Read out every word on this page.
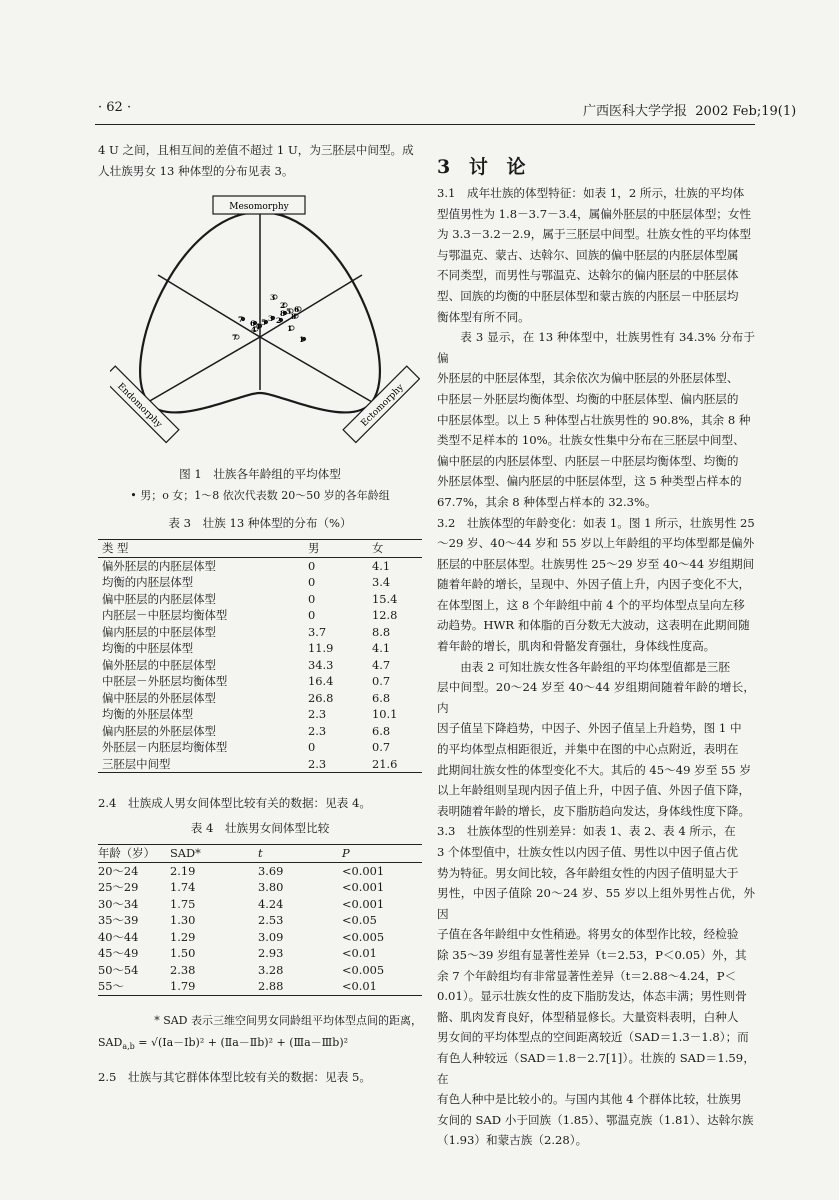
· 62 ·	广西医科大学学报 2002 Feb;19(1)

4 U 之间，且相互间的差值不超过 1 U，为三胚层中间型。成

人壮族男女 13 种体型的分布见表 3。

Mesomorphy
Endomorphy	Ectomorphy
7 6 4 5 3 2
8
1
3
2
5
8
6
1
4
7
图 1　壮族各年龄组的平均体型
• 男；o 女；1～8 依次代表数 20～50 岁的各年龄组
表 3　壮族 13 种体型的分布（%）
类 型	男	女
偏外胚层的内胚层体型	0	4.1
均衡的内胚层体型	0	3.4
偏中胚层的内胚层体型	0	15.4
内胚层－中胚层均衡体型	0	12.8
偏内胚层的中胚层体型	3.7	8.8
均衡的中胚层体型	11.9	4.1
偏外胚层的中胚层体型	34.3	4.7
中胚层－外胚层均衡体型	16.4	0.7
偏中胚层的外胚层体型	26.8	6.8
均衡的外胚层体型	2.3	10.1
偏内胚层的外胚层体型	2.3	6.8
外胚层－内胚层均衡体型	0	0.7
三胚层中间型	2.3	21.6
2.4　壮族成人男女间体型比较有关的数据：见表 4。
表 4　壮族男女间体型比较
年龄（岁）	SAD*	t	P
20～24	2.19	3.69	<0.001
25～29	1.74	3.80	<0.001
30～34	1.75	4.24	<0.001
35～39	1.30	2.53	<0.05
40～44	1.29	3.09	<0.005
45～49	1.50	2.93	<0.01
50～54	2.38	3.28	<0.005
55～	1.79	2.88	<0.01
* SAD 表示三维空间男女同龄组平均体型点间的距离，
$SAD_{a,b}$ = √(Ⅰa－Ⅰb)² + (Ⅱa－Ⅱb)² + (Ⅲa－Ⅲb)²
2.5　壮族与其它群体体型比较有关的数据：见表 5。
3 讨 论

3.1　成年壮族的体型特征：如表 1，2 所示，壮族的平均体

型值男性为 1.8－3.7－3.4，属偏外胚层的中胚层体型；女性

为 3.3－3.2－2.9，属于三胚层中间型。壮族女性的平均体型

与鄂温克、蒙古、达斡尔、回族的偏中胚层的内胚层体型属

不同类型，而男性与鄂温克、达斡尔的偏内胚层的中胚层体

型、回族的均衡的中胚层体型和蒙古族的内胚层－中胚层均

衡体型有所不同。

表 3 显示，在 13 种体型中，壮族男性有 34.3% 分布于偏

外胚层的中胚层体型，其余依次为偏中胚层的外胚层体型、

中胚层－外胚层均衡体型、均衡的中胚层体型、偏内胚层的

中胚层体型。以上 5 种体型占壮族男性的 90.8%，其余 8 种

类型不足样本的 10%。壮族女性集中分布在三胚层中间型、

偏中胚层的内胚层体型、内胚层－中胚层均衡体型、均衡的

外胚层体型、偏内胚层的中胚层体型，这 5 种类型占样本的

67.7%，其余 8 种体型占样本的 32.3%。

3.2　壮族体型的年龄变化：如表 1。图 1 所示，壮族男性 25

～29 岁、40～44 岁和 55 岁以上年龄组的平均体型都是偏外

胚层的中胚层体型。壮族男性 25～29 岁至 40～44 岁组期间

随着年龄的增长，呈现中、外因子值上升，内因子变化不大，

在体型图上，这 8 个年龄组中前 4 个的平均体型点呈向左移

动趋势。HWR 和体脂的百分数无大波动，这表明在此期间随

着年龄的增长，肌肉和骨骼发育强壮，身体线性度高。

由表 2 可知壮族女性各年龄组的平均体型值都是三胚

层中间型。20～24 岁至 40～44 岁组期间随着年龄的增长，内

因子值呈下降趋势，中因子、外因子值呈上升趋势，图 1 中

的平均体型点相距很近，并集中在图的中心点附近，表明在

此期间壮族女性的体型变化不大。其后的 45～49 岁至 55 岁

以上年龄组则呈现内因子值上升，中因子值、外因子值下降，

表明随着年龄的增长，皮下脂肪趋向发达，身体线性度下降。

3.3　壮族体型的性别差异：如表 1、表 2、表 4 所示，在

3 个体型值中，壮族女性以内因子值、男性以中因子值占优

势为特征。男女间比较，各年龄组女性的内因子值明显大于

男性，中因子值除 20～24 岁、55 岁以上组外男性占优，外因

子值在各年龄组中女性稍逊。将男女的体型作比较，经检验

除 35～39 岁组有显著性差异（t＝2.53，P＜0.05）外，其

余 7 个年龄组均有非常显著性差异（t＝2.88～4.24，P＜

0.01）。显示壮族女性的皮下脂肪发达，体态丰满；男性则骨

骼、肌肉发育良好，体型稍显修长。大量资料表明，白种人

男女间的平均体型点的空间距离较近（SAD＝1.3－1.8）；而

有色人种较远（SAD＝1.8－2.7[1]）。壮族的 SAD＝1.59，在

有色人种中是比较小的。与国内其他 4 个群体比较，壮族男

女间的 SAD 小于回族（1.85）、鄂温克族（1.81）、达斡尔族

（1.93）和蒙古族（2.28）。
